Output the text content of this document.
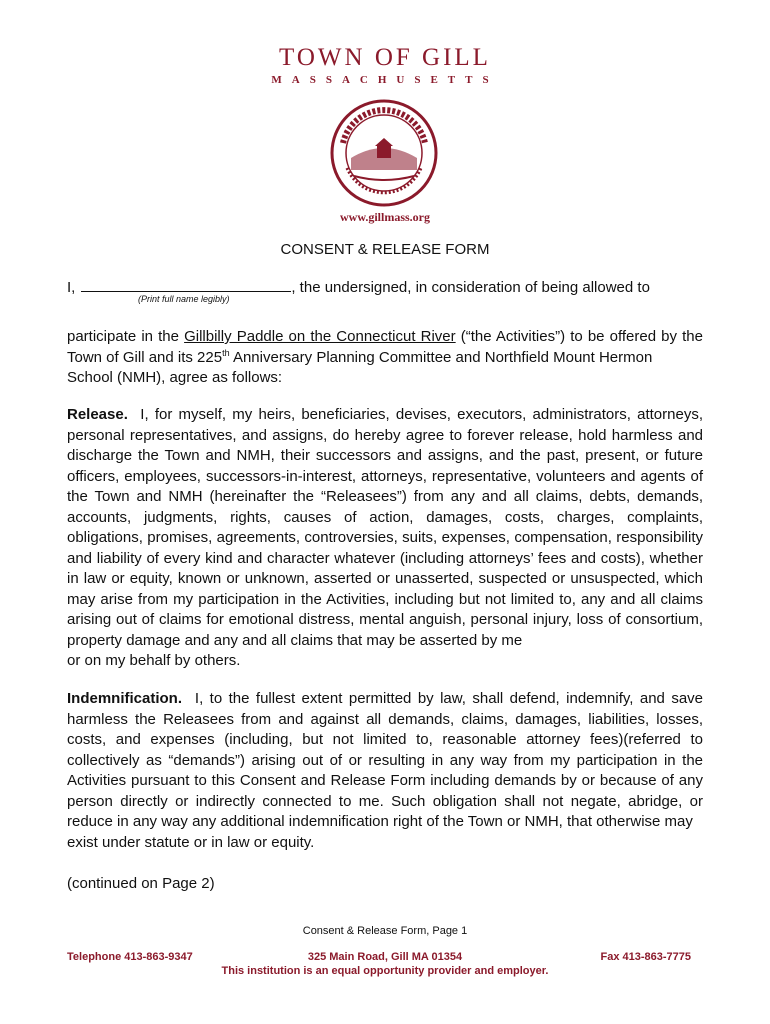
TOWN OF GILL
MASSACHUSETTS
www.gillmass.org
CONSENT & RELEASE FORM
I,	, the undersigned, in consideration of being allowed to
(Print full name legibly)
participate in the Gillbilly Paddle on the Connecticut River (“the Activities”) to be offered by the Town of Gill and its 225th Anniversary Planning Committee and Northfield Mount Hermon
School (NMH), agree as follows:
Release. I, for myself, my heirs, beneficiaries, devises, executors, administrators, attorneys, personal representatives, and assigns, do hereby agree to forever release, hold harmless and discharge the Town and NMH, their successors and assigns, and the past, present, or future officers, employees, successors-in-interest, attorneys, representative, volunteers and agents of the Town and NMH (hereinafter the “Releasees”) from any and all claims, debts, demands, accounts, judgments, rights, causes of action, damages, costs, charges, complaints, obligations, promises, agreements, controversies, suits, expenses, compensation, responsibility and liability of every kind and character whatever (including attorneys’ fees and costs), whether in law or equity, known or unknown, asserted or unasserted, suspected or unsuspected, which may arise from my participation in the Activities, including but not limited to, any and all claims arising out of claims for emotional distress, mental anguish, personal injury, loss of consortium, property damage and any and all claims that may be asserted by me
or on my behalf by others.
Indemnification. I, to the fullest extent permitted by law, shall defend, indemnify, and save harmless the Releasees from and against all demands, claims, damages, liabilities, losses, costs, and expenses (including, but not limited to, reasonable attorney fees)(referred to collectively as “demands”) arising out of or resulting in any way from my participation in the Activities pursuant to this Consent and Release Form including demands by or because of any person directly or indirectly connected to me. Such obligation shall not negate, abridge, or reduce in any way any additional indemnification right of the Town or NMH, that otherwise may
exist under statute or in law or equity.
(continued on Page 2)
Consent & Release Form, Page 1
Telephone 413-863-9347	325 Main Road, Gill MA 01354	Fax 413-863-7775
This institution is an equal opportunity provider and employer.
